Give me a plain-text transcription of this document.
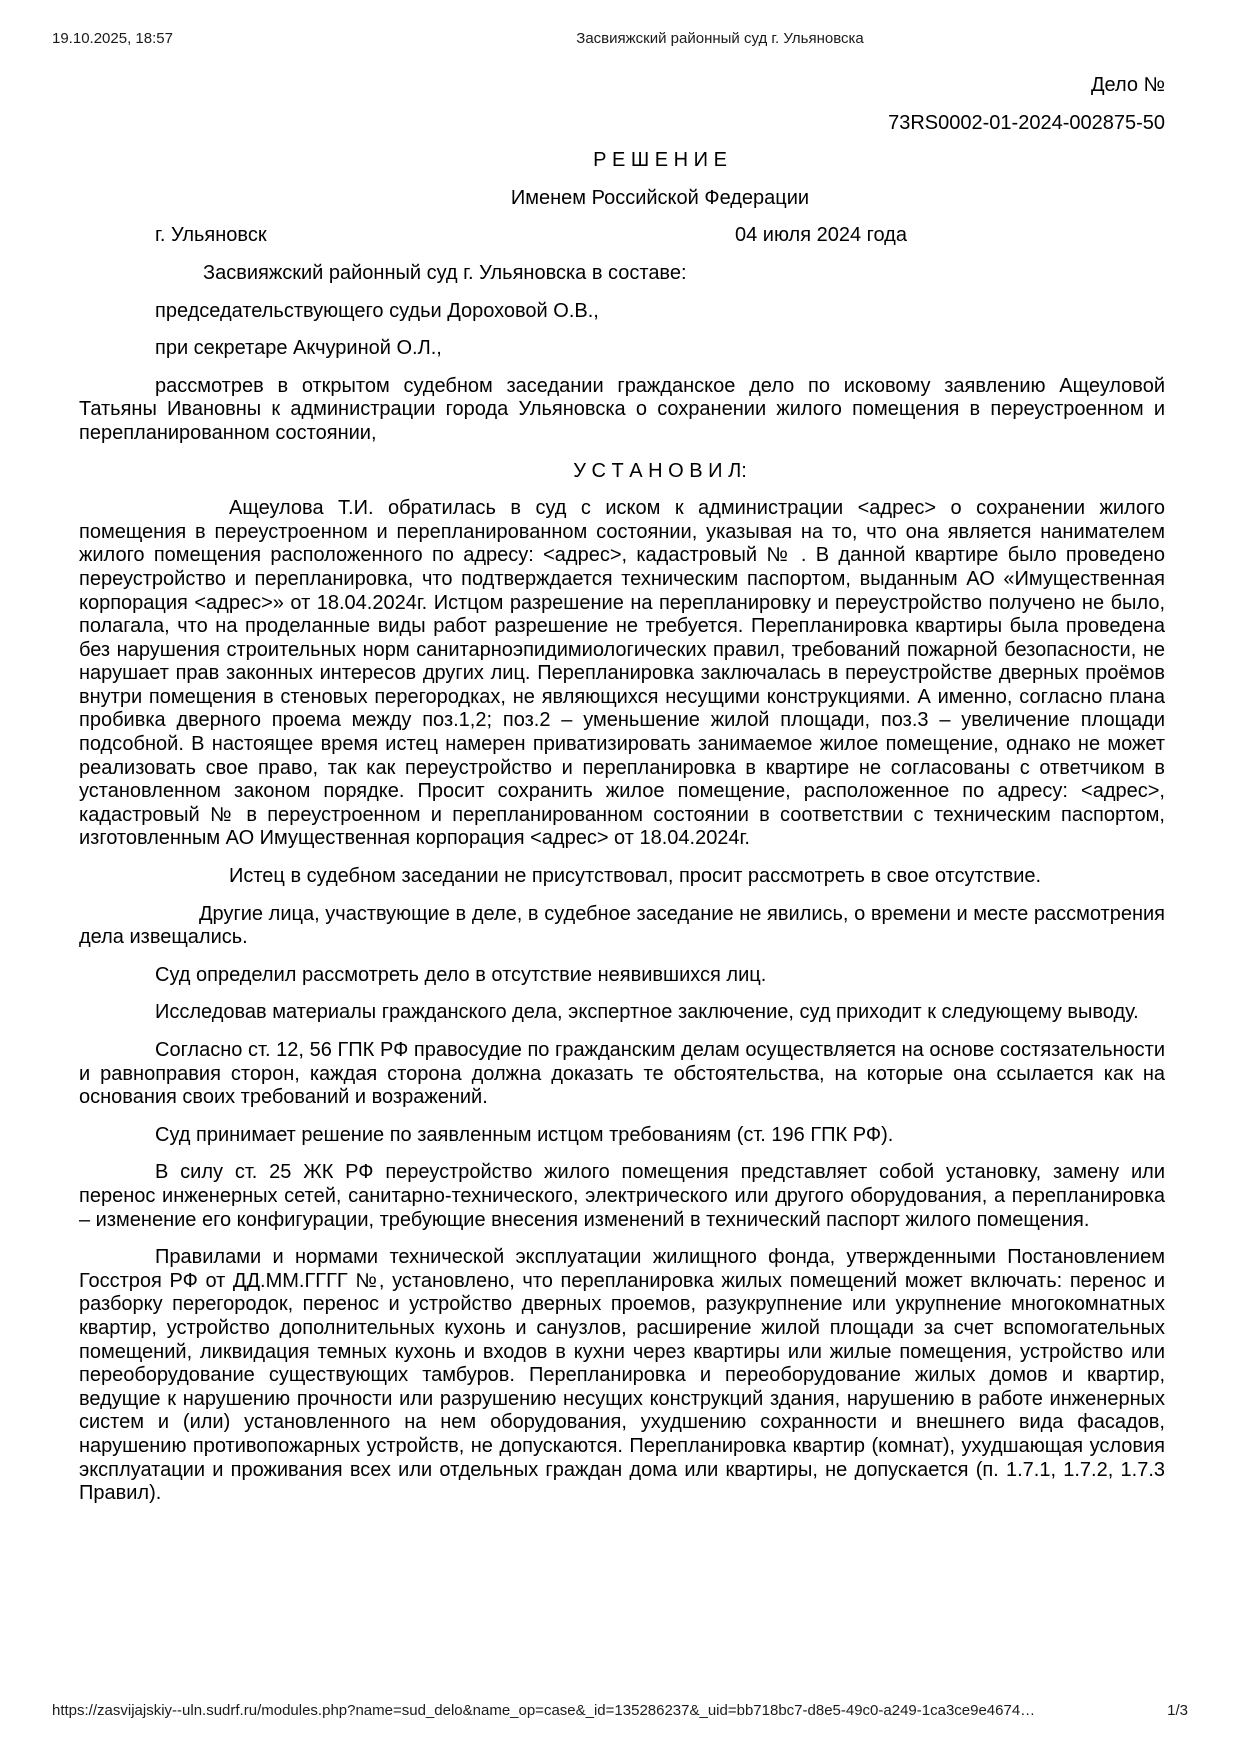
19.10.2025, 18:57	Засвияжский районный суд г. Ульяновска

Дело №

73RS0002-01-2024-002875-50

Р Е Ш Е Н И Е

Именем Российской Федерации

г. Ульяновск	04 июля 2024 года

Засвияжский районный суд г. Ульяновска в составе:

председательствующего судьи Дороховой О.В.,

при секретаре Акчуриной О.Л.,

рассмотрев в открытом судебном заседании гражданское дело по исковому заявлению Ащеуловой Татьяны Ивановны к администрации города Ульяновска о сохранении жилого помещения в переустроенном и перепланированном состоянии,

У С Т А Н О В И Л:

Ащеулова Т.И. обратилась в суд с иском к администрации <адрес> о сохранении жилого помещения в переустроенном и перепланированном состоянии, указывая на то, что она является нанимателем жилого помещения расположенного по адресу: <адрес>, кадастровый № . В данной квартире было проведено переустройство и перепланировка, что подтверждается техническим паспортом, выданным АО «Имущественная корпорация <адрес>» от 18.04.2024г. Истцом разрешение на перепланировку и переустройство получено не было, полагала, что на проделанные виды работ разрешение не требуется. Перепланировка квартиры была проведена без нарушения строительных норм санитарноэпидимиологических правил, требований пожарной безопасности, не нарушает прав законных интересов других лиц. Перепланировка заключалась в переустройстве дверных проёмов внутри помещения в стеновых перегородках, не являющихся несущими конструкциями. А именно, согласно плана пробивка дверного проема между поз.1,2; поз.2 – уменьшение жилой площади, поз.3 – увеличение площади подсобной. В настоящее время истец намерен приватизировать занимаемое жилое помещение, однако не может реализовать свое право, так как переустройство и перепланировка в квартире не согласованы с ответчиком в установленном законом порядке. Просит сохранить жилое помещение, расположенное по адресу: <адрес>, кадастровый № в переустроенном и перепланированном состоянии в соответствии с техническим паспортом, изготовленным АО Имущественная корпорация <адрес> от 18.04.2024г.

Истец в судебном заседании не присутствовал, просит рассмотреть в свое отсутствие.

Другие лица, участвующие в деле, в судебное заседание не явились, о времени и месте рассмотрения дела извещались.

Суд определил рассмотреть дело в отсутствие неявившихся лиц.

Исследовав материалы гражданского дела, экспертное заключение, суд приходит к следующему выводу.

Согласно ст. 12, 56 ГПК РФ правосудие по гражданским делам осуществляется на основе состязательности и равноправия сторон, каждая сторона должна доказать те обстоятельства, на которые она ссылается как на основания своих требований и возражений.

Суд принимает решение по заявленным истцом требованиям (ст. 196 ГПК РФ).

В силу ст. 25 ЖК РФ переустройство жилого помещения представляет собой установку, замену или перенос инженерных сетей, санитарно-технического, электрического или другого оборудования, а перепланировка – изменение его конфигурации, требующие внесения изменений в технический паспорт жилого помещения.

Правилами и нормами технической эксплуатации жилищного фонда, утвержденными Постановлением Госстроя РФ от ДД.ММ.ГГГГ №, установлено, что перепланировка жилых помещений может включать: перенос и разборку перегородок, перенос и устройство дверных проемов, разукрупнение или укрупнение многокомнатных квартир, устройство дополнительных кухонь и санузлов, расширение жилой площади за счет вспомогательных помещений, ликвидация темных кухонь и входов в кухни через квартиры или жилые помещения, устройство или переоборудование существующих тамбуров. Перепланировка и переоборудование жилых домов и квартир, ведущие к нарушению прочности или разрушению несущих конструкций здания, нарушению в работе инженерных систем и (или) установленного на нем оборудования, ухудшению сохранности и внешнего вида фасадов, нарушению противопожарных устройств, не допускаются. Перепланировка квартир (комнат), ухудшающая условия эксплуатации и проживания всех или отдельных граждан дома или квартиры, не допускается (п. 1.7.1, 1.7.2, 1.7.3 Правил).

https://zasvijajskiy--uln.sudrf.ru/modules.php?name=sud_delo&name_op=case&_id=135286237&_uid=bb718bc7-d8e5-49c0-a249-1ca3ce9e4674…	1/3
